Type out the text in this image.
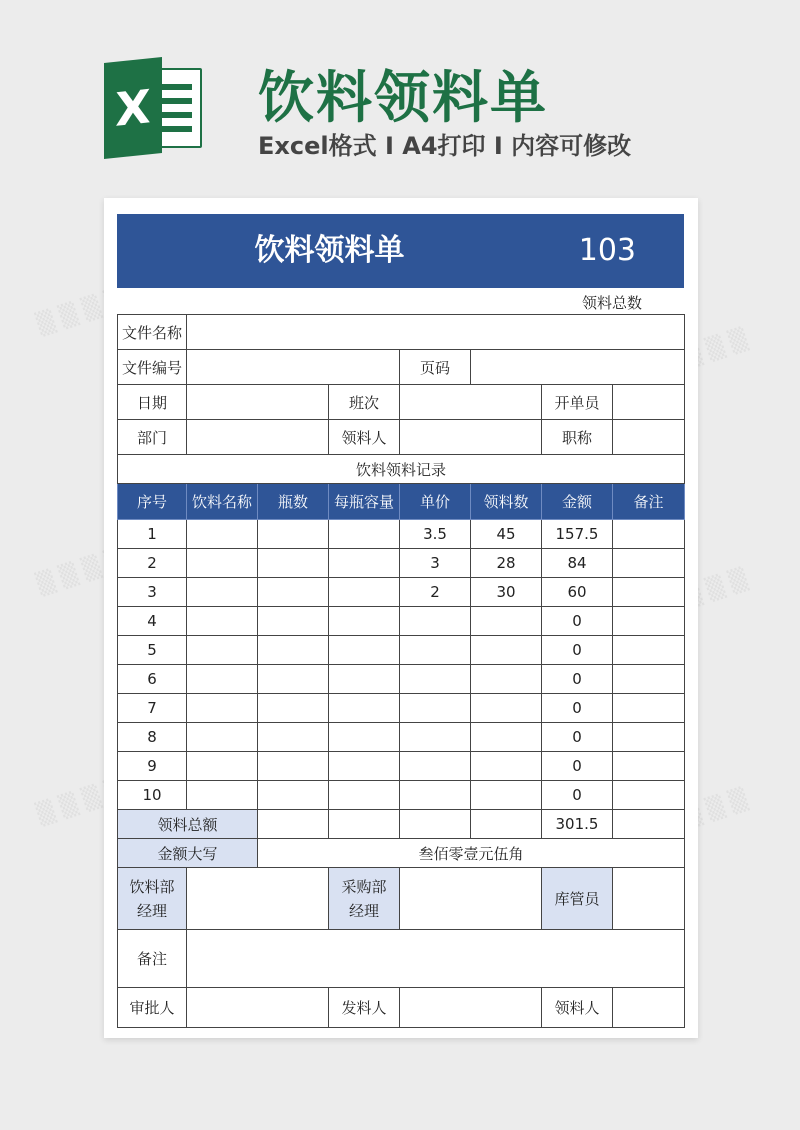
▒ ▒ ▒ ▒
▒ ▒ ▒ ▒
▒ ▒ ▒ ▒
▒ ▒ ▒ ▒
▒ ▒ ▒ ▒
▒ ▒ ▒ ▒
X 饮料领料单
Excel格式 I A4打印 I 内容可修改
饮料领料单	103
领料总数
文件名称							
文件编号				页码			
日期			班次			开单员	
部门			领料人			职称	
饮料领料记录							
序号	饮料名称	瓶数	每瓶容量	单价	领料数	金额	备注
1				3.5	45	157.5	
2				3	28	84	
3				2	30	60	
4						0	
5						0	
6						0	
7						0	
8						0	
9						0	
10						0	
领料总额						301.5	
金额大写		叁佰零壹元伍角					
饮料部经理			采购部经理			库管员	
备注							
审批人			发料人			领料人	
